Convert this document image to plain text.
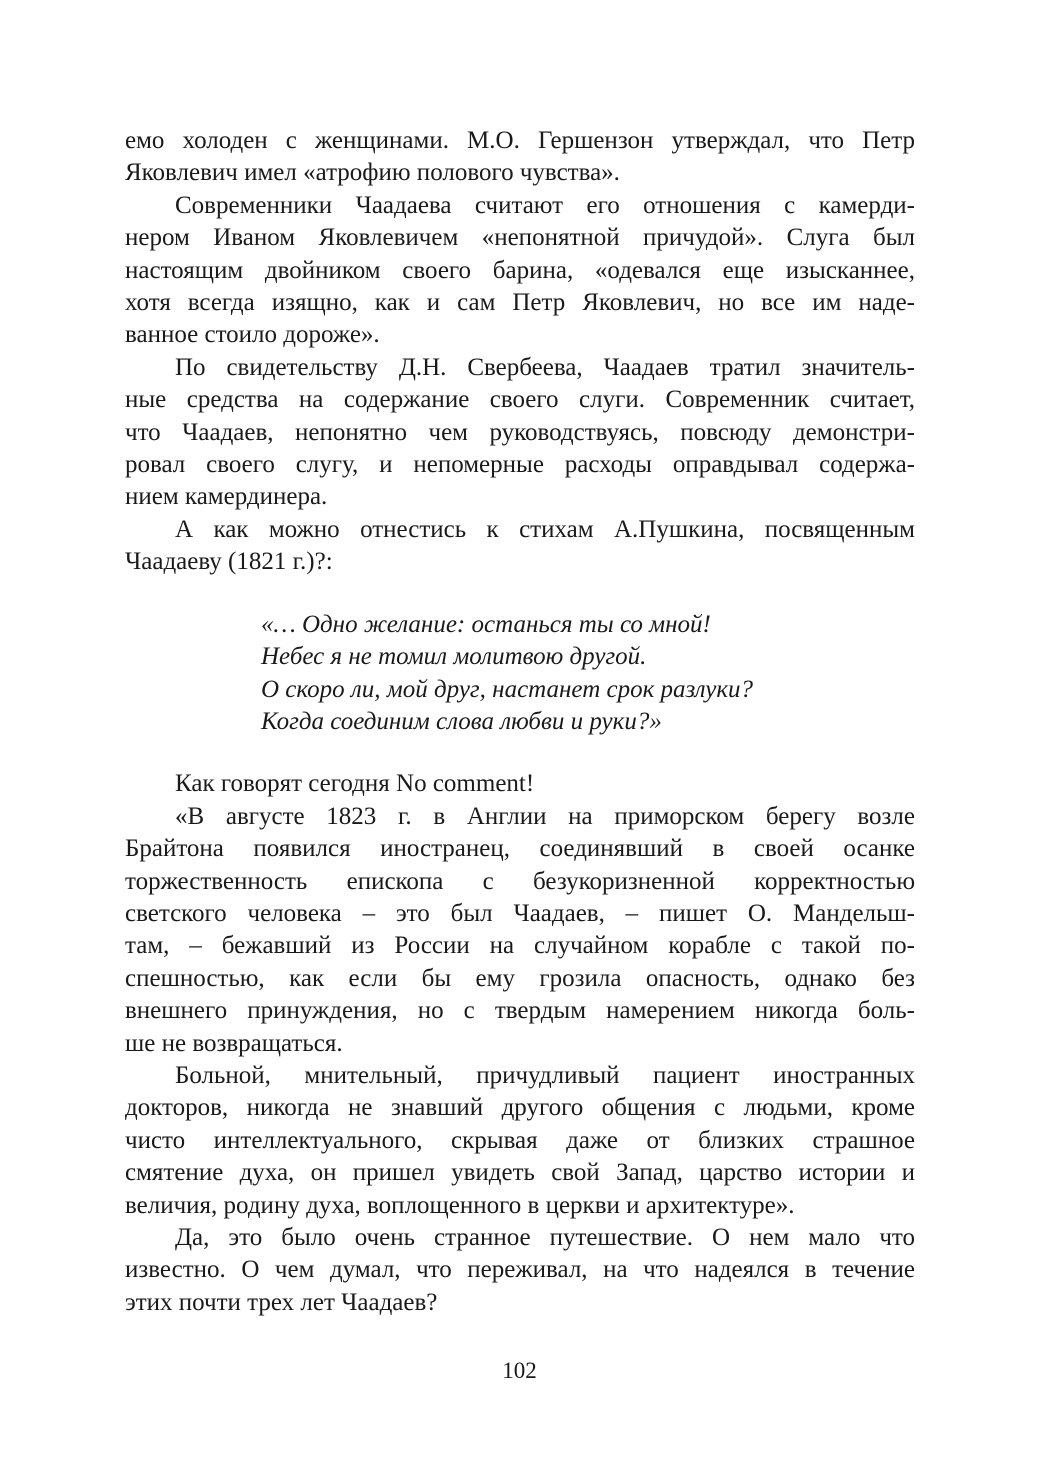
емо холоден с женщинами. М.О. Гершензон утверждал, что Петр
Яковлевич имел «атрофию полового чувства».
Современники Чаадаева считают его отношения с камерди-
нером Иваном Яковлевичем «непонятной причудой». Слуга был
настоящим двойником своего барина, «одевался еще изысканнее,
хотя всегда изящно, как и сам Петр Яковлевич, но все им наде-
ванное стоило дороже».
По свидетельству Д.Н. Свербеева, Чаадаев тратил значитель-
ные средства на содержание своего слуги. Современник считает,
что Чаадаев, непонятно чем руководствуясь, повсюду демонстри-
ровал своего слугу, и непомерные расходы оправдывал содержа-
нием камердинера.
А как можно отнестись к стихам А.Пушкина, посвященным
Чаадаеву (1821 г.)?:
«… Одно желание: останься ты со мной!
Небес я не томил молитвою другой.
О скоро ли, мой друг, настанет срок разлуки?
Когда соединим слова любви и руки?»

Как говорят сегодня No comment!

«В августе 1823 г. в Англии на приморском берегу возле
Брайтона появился иностранец, соединявший в своей осанке
торжественность епископа с безукоризненной корректностью
светского человека – это был Чаадаев, – пишет О. Мандельш-
там, – бежавший из России на случайном корабле с такой по-
спешностью, как если бы ему грозила опасность, однако без
внешнего принуждения, но с твердым намерением никогда боль-
ше не возвращаться.
Больной, мнительный, причудливый пациент иностранных
докторов, никогда не знавший другого общения с людьми, кроме
чисто интеллектуального, скрывая даже от близких страшное
смятение духа, он пришел увидеть свой Запад, царство истории и
величия, родину духа, воплощенного в церкви и архитектуре».
Да, это было очень странное путешествие. О нем мало что
известно. О чем думал, что переживал, на что надеялся в течение
этих почти трех лет Чаадаев?
102
